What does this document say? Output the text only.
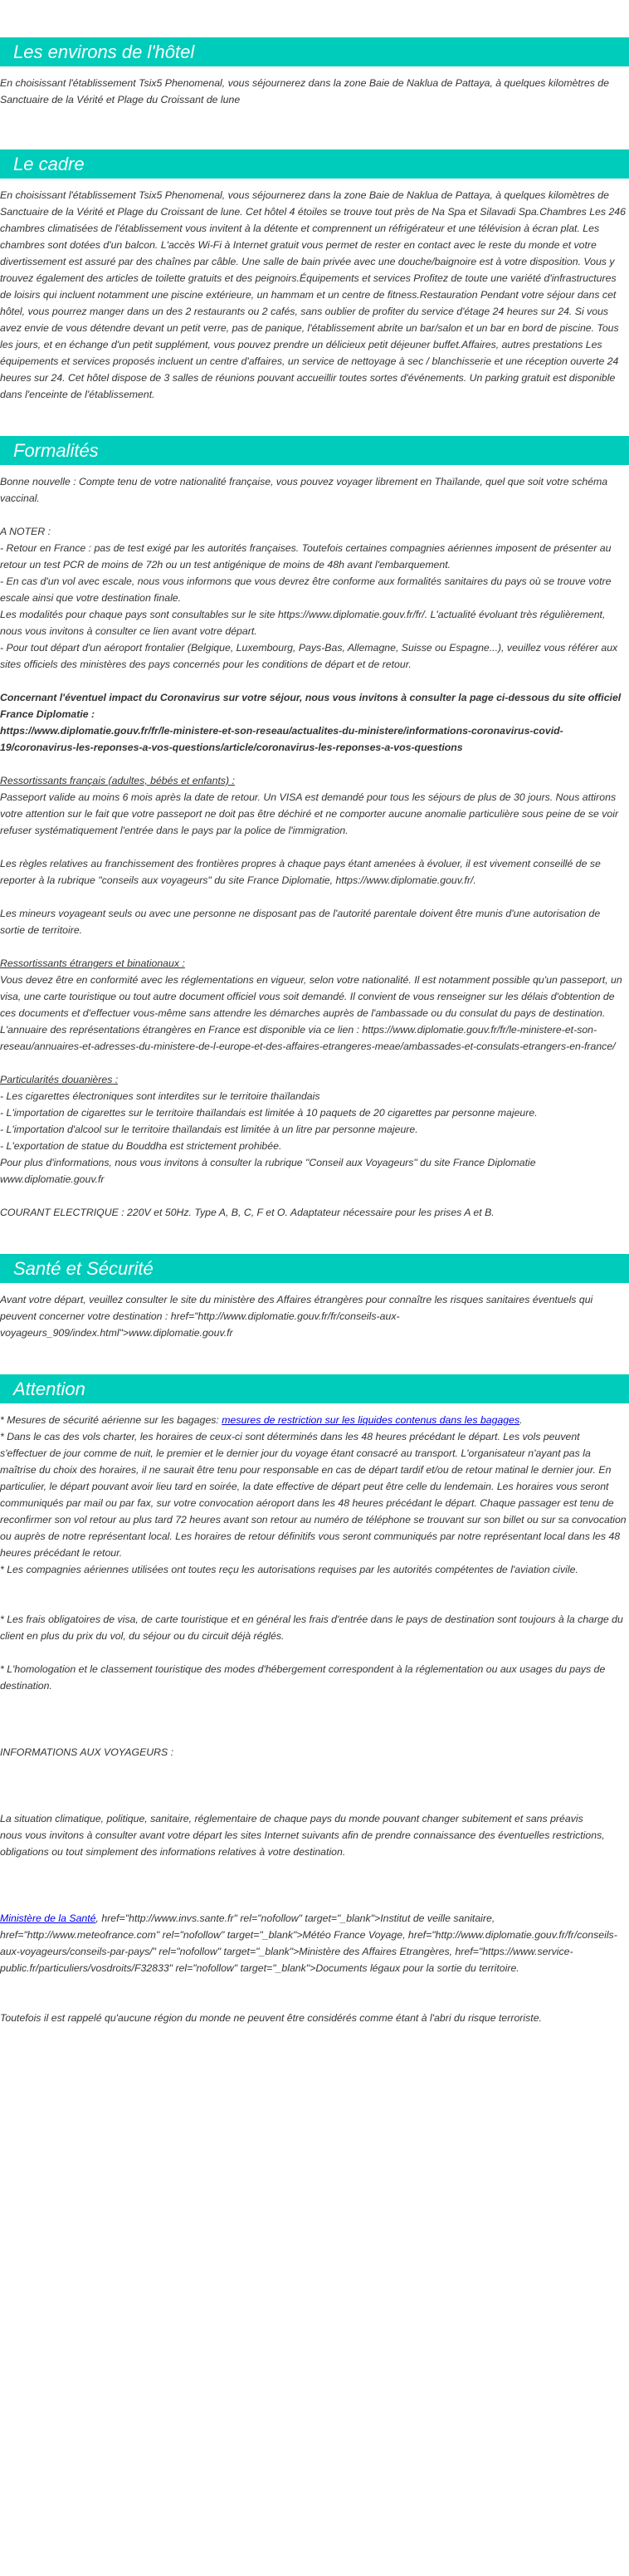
Les environs de l'hôtel

En choisissant l'établissement Tsix5 Phenomenal, vous séjournerez dans la zone Baie de Naklua de Pattaya, à quelques kilomètres de Sanctuaire de la Vérité et Plage du Croissant de lune

Le cadre

En choisissant l'établissement Tsix5 Phenomenal, vous séjournerez dans la zone Baie de Naklua de Pattaya, à quelques kilomètres de Sanctuaire de la Vérité et Plage du Croissant de lune. Cet hôtel 4 étoiles se trouve tout près de Na Spa et Silavadi Spa.Chambres Les 246 chambres climatisées de l'établissement vous invitent à la détente et comprennent un réfrigérateur et une télévision à écran plat. Les chambres sont dotées d'un balcon. L'accès Wi-Fi à Internet gratuit vous permet de rester en contact avec le reste du monde et votre divertissement est assuré par des chaînes par câble. Une salle de bain privée avec une douche/baignoire est à votre disposition. Vous y trouvez également des articles de toilette gratuits et des peignoirs.Équipements et services Profitez de toute une variété d'infrastructures de loisirs qui incluent notamment une piscine extérieure, un hammam et un centre de fitness.Restauration Pendant votre séjour dans cet hôtel, vous pourrez manger dans un des 2 restaurants ou 2 cafés, sans oublier de profiter du service d'étage 24 heures sur 24. Si vous avez envie de vous détendre devant un petit verre, pas de panique, l'établissement abrite un bar/salon et un bar en bord de piscine. Tous les jours, et en échange d'un petit supplément, vous pouvez prendre un délicieux petit déjeuner buffet.Affaires, autres prestations Les équipements et services proposés incluent un centre d'affaires, un service de nettoyage à sec / blanchisserie et une réception ouverte 24 heures sur 24. Cet hôtel dispose de 3 salles de réunions pouvant accueillir toutes sortes d'événements. Un parking gratuit est disponible dans l'enceinte de l'établissement.

Formalités

Bonne nouvelle : Compte tenu de votre nationalité française, vous pouvez voyager librement en Thaïlande, quel que soit votre schéma vaccinal.

A NOTER :

- Retour en France : pas de test exigé par les autorités françaises. Toutefois certaines compagnies aériennes imposent de présenter au retour un test PCR de moins de 72h ou un test antigénique de moins de 48h avant l'embarquement.
- En cas d'un vol avec escale, nous vous informons que vous devrez être conforme aux formalités sanitaires du pays où se trouve votre escale ainsi que votre destination finale.
Les modalités pour chaque pays sont consultables sur le site https://www.diplomatie.gouv.fr/fr/. L'actualité évoluant très régulièrement, nous vous invitons à consulter ce lien avant votre départ.
- Pour tout départ d'un aéroport frontalier (Belgique, Luxembourg, Pays-Bas, Allemagne, Suisse ou Espagne...), veuillez vous référer aux sites officiels des ministères des pays concernés pour les conditions de départ et de retour.

Concernant l'éventuel impact du Coronavirus sur votre séjour, nous vous invitons à consulter la page ci-dessous du site officiel France Diplomatie :
https://www.diplomatie.gouv.fr/fr/le-ministere-et-son-reseau/actualites-du-ministere/informations-coronavirus-covid-19/coronavirus-les-reponses-a-vos-questions/article/coronavirus-les-reponses-a-vos-questions

Ressortissants français (adultes, bébés et enfants) :

Passeport valide au moins 6 mois après la date de retour. Un VISA est demandé pour tous les séjours de plus de 30 jours. Nous attirons votre attention sur le fait que votre passeport ne doit pas être déchiré et ne comporter aucune anomalie particulière sous peine de se voir refuser systématiquement l'entrée dans le pays par la police de l'immigration.

Les règles relatives au franchissement des frontières propres à chaque pays étant amenées à évoluer, il est vivement conseillé de se reporter à la rubrique "conseils aux voyageurs" du site France Diplomatie, https://www.diplomatie.gouv.fr/.

Les mineurs voyageant seuls ou avec une personne ne disposant pas de l'autorité parentale doivent être munis d'une autorisation de sortie de territoire.

Ressortissants étrangers et binationaux :

Vous devez être en conformité avec les réglementations en vigueur, selon votre nationalité. Il est notamment possible qu'un passeport, un visa, une carte touristique ou tout autre document officiel vous soit demandé. Il convient de vous renseigner sur les délais d'obtention de ces documents et d'effectuer vous-même sans attendre les démarches auprès de l'ambassade ou du consulat du pays de destination.
L'annuaire des représentations étrangères en France est disponible via ce lien : https://www.diplomatie.gouv.fr/fr/le-ministere-et-son-reseau/annuaires-et-adresses-du-ministere-de-l-europe-et-des-affaires-etrangeres-meae/ambassades-et-consulats-etrangers-en-france/

Particularités douanières :

- Les cigarettes électroniques sont interdites sur le territoire thaïlandais
- L'importation de cigarettes sur le territoire thaïlandais est limitée à 10 paquets de 20 cigarettes par personne majeure.
- L'importation d'alcool sur le territoire thaïlandais est limitée à un litre par personne majeure.
- L'exportation de statue du Bouddha est strictement prohibée.
Pour plus d'informations, nous vous invitons à consulter la rubrique "Conseil aux Voyageurs" du site France Diplomatie www.diplomatie.gouv.fr

COURANT ELECTRIQUE : 220V et 50Hz. Type A, B, C, F et O. Adaptateur nécessaire pour les prises A et B.

Santé et Sécurité

Avant votre départ, veuillez consulter le site du ministère des Affaires étrangères pour connaître les risques sanitaires éventuels qui peuvent concerner votre destination : href="http://www.diplomatie.gouv.fr/fr/conseils-aux-voyageurs_909/index.html">www.diplomatie.gouv.fr

Attention

* Mesures de sécurité aérienne sur les bagages: mesures de restriction sur les liquides contenus dans les bagages.

* Dans le cas des vols charter, les horaires de ceux-ci sont déterminés dans les 48 heures précédant le départ. Les vols peuvent s'effectuer de jour comme de nuit, le premier et le dernier jour du voyage étant consacré au transport. L'organisateur n'ayant pas la maîtrise du choix des horaires, il ne saurait être tenu pour responsable en cas de départ tardif et/ou de retour matinal le dernier jour. En particulier, le départ pouvant avoir lieu tard en soirée, la date effective de départ peut être celle du lendemain. Les horaires vous seront communiqués par mail ou par fax, sur votre convocation aéroport dans les 48 heures précédant le départ. Chaque passager est tenu de reconfirmer son vol retour au plus tard 72 heures avant son retour au numéro de téléphone se trouvant sur son billet ou sur sa convocation ou auprès de notre représentant local. Les horaires de retour définitifs vous seront communiqués par notre représentant local dans les 48 heures précédant le retour.
* Les compagnies aériennes utilisées ont toutes reçu les autorisations requises par les autorités compétentes de l'aviation civile.

* Les frais obligatoires de visa, de carte touristique et en général les frais d'entrée dans le pays de destination sont toujours à la charge du client en plus du prix du vol, du séjour ou du circuit déjà réglés.

* L'homologation et le classement touristique des modes d'hébergement correspondent à la réglementation ou aux usages du pays de destination.

INFORMATIONS AUX VOYAGEURS :

La situation climatique, politique, sanitaire, réglementaire de chaque pays du monde pouvant changer subitement et sans préavis
nous vous invitons à consulter avant votre départ les sites Internet suivants afin de prendre connaissance des éventuelles restrictions, obligations ou tout simplement des informations relatives à votre destination.

Ministère de la Santé, href="http://www.invs.sante.fr" rel="nofollow" target="_blank">Institut de veille sanitaire, href="http://www.meteofrance.com" rel="nofollow" target="_blank">Météo France Voyage, href="http://www.diplomatie.gouv.fr/fr/conseils-aux-voyageurs/conseils-par-pays/" rel="nofollow" target="_blank">Ministère des Affaires Etrangères, href="https://www.service-public.fr/particuliers/vosdroits/F32833" rel="nofollow" target="_blank">Documents légaux pour la sortie du territoire.

Toutefois il est rappelé qu'aucune région du monde ne peuvent être considérés comme étant à l'abri du risque terroriste.
